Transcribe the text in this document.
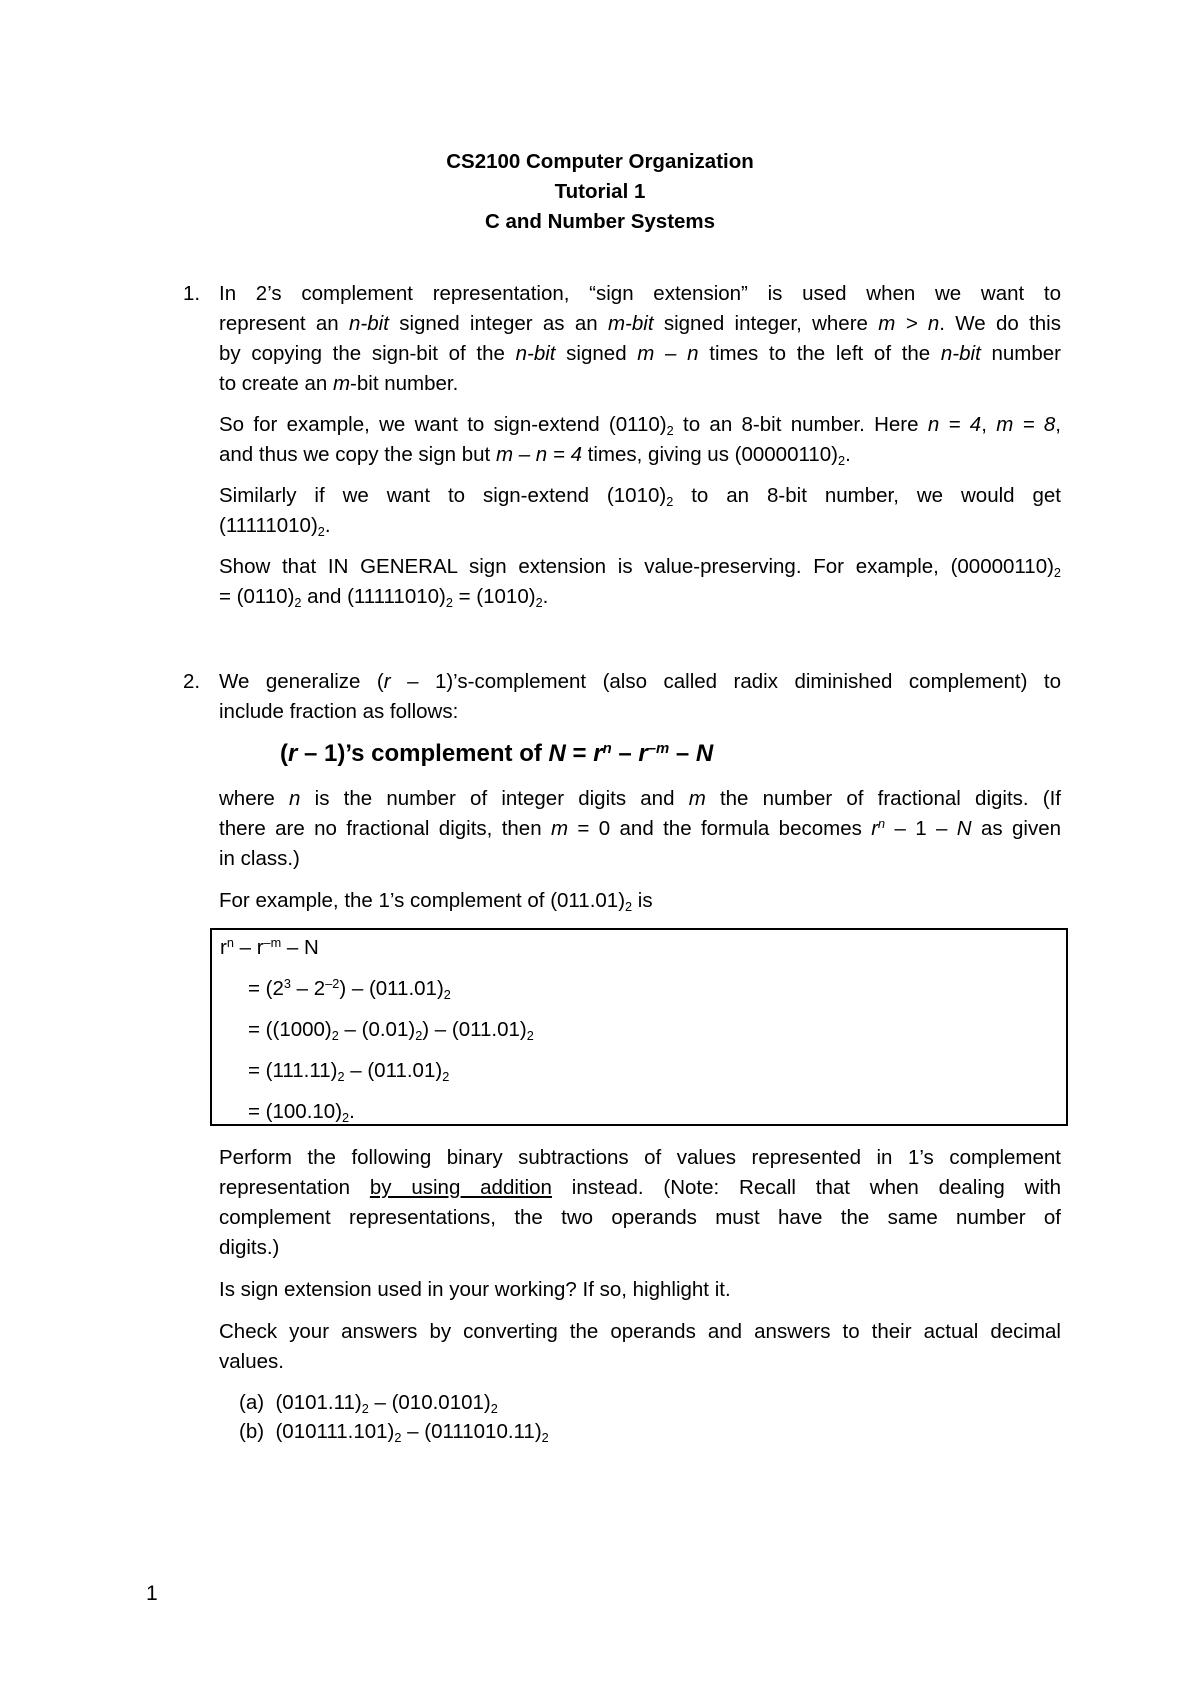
CS2100 Computer Organization
Tutorial 1
C and Number Systems
1. In 2’s complement representation, “sign extension” is used when we want to
represent an n-bit signed integer as an m-bit signed integer, where m > n. We do this
by copying the sign-bit of the n-bit signed m – n times to the left of the n-bit number
to create an m-bit number.
So for example, we want to sign-extend (0110)2 to an 8-bit number. Here n = 4, m = 8,
and thus we copy the sign but m – n = 4 times, giving us (00000110)2.
Similarly if we want to sign-extend (1010)2 to an 8-bit number, we would get
(11111010)2.
Show that IN GENERAL sign extension is value-preserving. For example, (00000110)2
= (0110)2 and (11111010)2 = (1010)2.
2. We generalize (r – 1)’s-complement (also called radix diminished complement) to
include fraction as follows:
(r – 1)’s complement of $N = r^n - r^{-m} - N$
where n is the number of integer digits and m the number of fractional digits. (If
there are no fractional digits, then m = 0 and the formula becomes $r^n - 1$ – N as given
in class.)
For example, the 1’s complement of (011.01)2 is
$r^n - r^{-m}$ – N
= $(2^3 - 2^{-2}) - (011.01)2$
= ((1000)2 – (0.01)2) – (011.01)2
= (111.11)2 – (011.01)2
= (100.10)2.
Perform the following binary subtractions of values represented in 1’s complement
representation by using addition instead. (Note: Recall that when dealing with
complement representations, the two operands must have the same number of
digits.)
Is sign extension used in your working? If so, highlight it.
Check your answers by converting the operands and answers to their actual decimal
values.
(a) (0101.11)2 – (010.0101)2
(b) (010111.101)2 – (0111010.11)2
1
